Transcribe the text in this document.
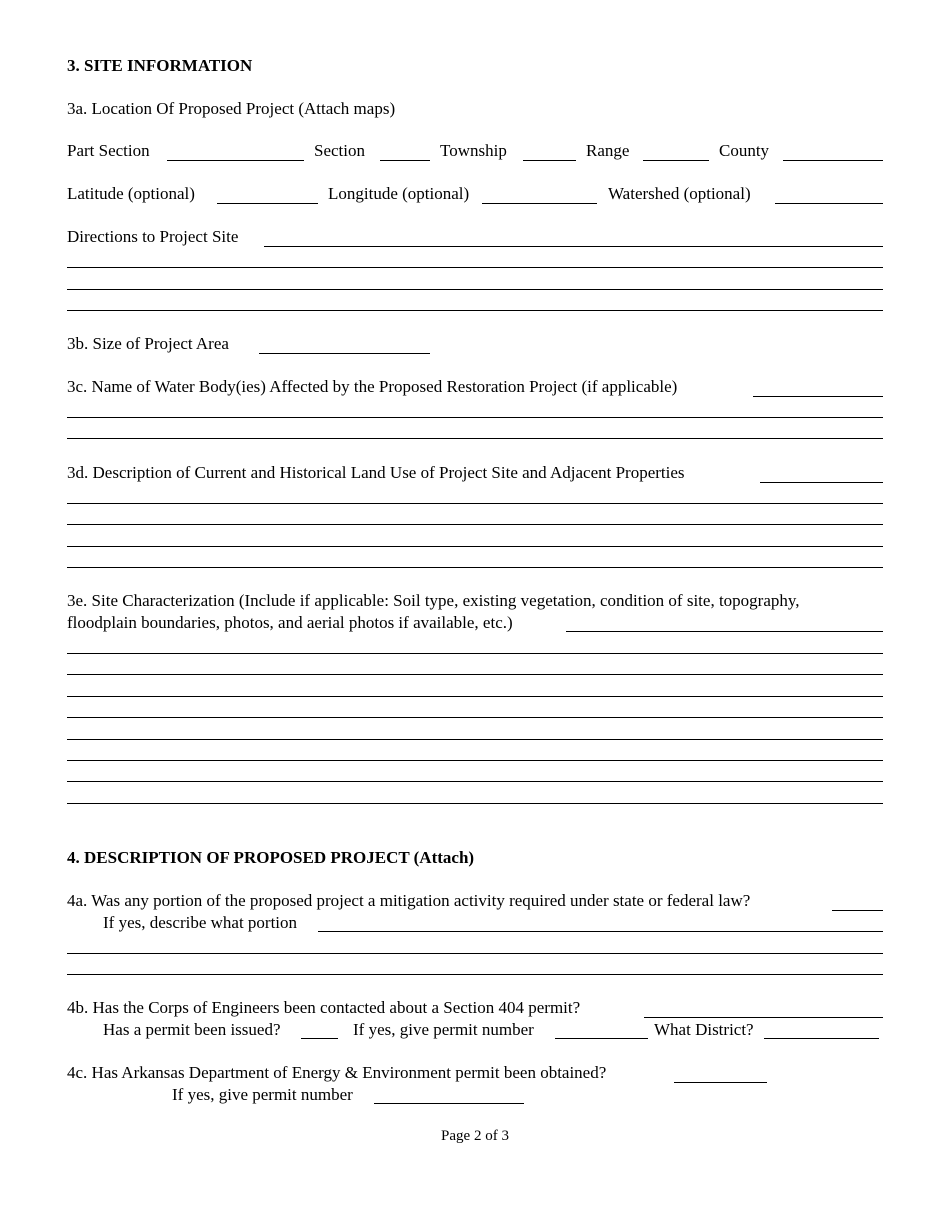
3. SITE INFORMATION
3a. Location Of Proposed Project (Attach maps)
Part Section	Section	Township	Range	County
Latitude (optional)	Longitude (optional)	Watershed (optional)
Directions to Project Site
3b. Size of Project Area
3c. Name of Water Body(ies) Affected by the Proposed Restoration Project (if applicable)
3d. Description of Current and Historical Land Use of Project Site and Adjacent Properties
3e. Site Characterization (Include if applicable: Soil type, existing vegetation, condition of site, topography,
floodplain boundaries, photos, and aerial photos if available, etc.)
4. DESCRIPTION OF PROPOSED PROJECT (Attach)
4a. Was any portion of the proposed project a mitigation activity required under state or federal law?
If yes, describe what portion
4b. Has the Corps of Engineers been contacted about a Section 404 permit?
Has a permit been issued?	If yes, give permit number	What District?
4c. Has Arkansas Department of Energy & Environment permit been obtained?
If yes, give permit number
Page 2 of 3
